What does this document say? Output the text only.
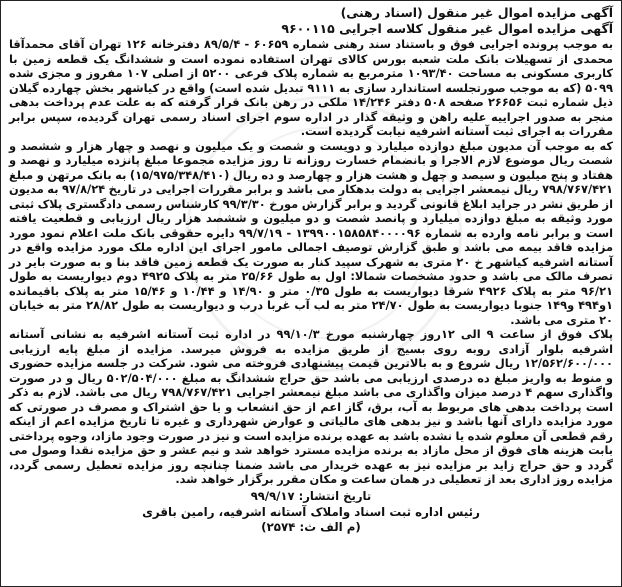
آگهی مزایده اموال غیر منقول (اسناد رهنی)

آگهی مزایده اموال غیر منقول کلاسه اجرایی ۹۶۰۰۱۱۵

به موجب پرونده اجرایی فوق و باستناد سند رهنی شماره ۶۰۶۵۹ - ۸۹/۵/۴ دفترخانه ۱۲۶ تهران آقای محمدآقا محمدی از تسهیلات بانک ملت شعبه بورس کالای تهران استفاده نموده است و ششدانگ یک قطعه زمین با کاربری مسکونی به مساحت ۱۰۹۳/۴۰ مترمربع به شماره پلاک فرعی ۵۲۰۰ از اصلی ۱۰۷ مفروز و مجزی شده ۵۰۹۹ (که به موجب صورتجلسه استاندارد سازی به ۹۱۱۱ تبدیل شده است) واقع در کیاشهر بخش چهارده گیلان ذیل شماره ثبت ۲۶۶۵۶ صفحه ۵۰۸ دفتر ۱۴/۲۴۶ ملکی در رهن بانک قرار گرفته که به علت عدم پرداخت بدهی منجر به صدور اجراییه علیه راهن و وثیقه گذار در اداره سوم اجرای اسناد رسمی تهران گردیده، سپس برابر مقررات به اجرای ثبت آستانه اشرفیه نیابت گردیده است.

که به موجب آن مدیون مبلغ دوازده میلیارد و دویست و شصت و یک میلیون و نهصد و چهار هزار و ششصد و شصت ریال موضوع لازم الاجرا و بانضمام خسارت روزانه تا روز مزایده مجموعا مبلغ پانزده میلیارد و نهصد و هفتاد و پنج میلیون و سیصد و چهل و هشت هزار و چهارصد و ده ریال (۱۵/۹۷۵/۳۴۸/۴۱۰) به بانک مرتهن و مبلغ ۷۹۸/۷۶۷/۴۲۱ ریال نیمعشر اجرایی به دولت بدهکار می باشد و برابر مقررات اجرایی در تاریخ ۹۷/۸/۲۴ به مدیون از طریق نشر در جراید ابلاغ قانونی گردید و برابر گزارش مورخ ۹۹/۳/۳۰ کارشناس رسمی دادگستری پلاک ثبتی مورد وثیقه به مبلغ دوازده میلیارد و پانصد شصت و دو میلیون و ششصد هزار ریال ارزیابی و قطعیت یافته است و برابر نامه وارده به شماره ۱۳۹۹۰۰۱۵۸۵۸۴۰۰۰۰۹۶ - ۹۹/۷/۱۹ دایره حقوقی بانک ملت اعلام نمود مورد مزایده فاقد بیمه می باشد و طبق گزارش توصیف اجمالی مامور اجرای این اداره ملک مورد مزایده واقع در آستانه اشرفیه کیاشهر خ ۲۰ متری به شهرک سپید کنار به صورت یک قطعه زمین فاقد بنا و به صورت بایر در تصرف مالک می باشد و حدود مشخصات شمالا: اول به طول ۲۵/۶۶ متر به پلاک ۴۹۲۵ دوم دیواریست به طول ۹۶/۲۱ متر به پلاک ۴۹۲۶ شرقا دیواریست به طول ۰/۳۵ متر و ۱۴/۹۰ و ۱۰/۴۴ و ۱۵/۴۶ متر به پلاک باقیمانده ۱و۴۹۴ و۱۴۹ جنوبا دیواریست به طول ۲۴/۷۰ متر به لب آب غربا درب و دیواریست به طول ۲۸/۸۲ متر به خیابان ۲۰ متری می باشد.

پلاک فوق از ساعت ۹ الی ۱۲روز چهارشنبه مورخ ۹۹/۱۰/۳ در اداره ثبت آستانه اشرفیه به نشانی آستانه اشرفیه بلوار آزادی روبه روی بسیج از طریق مزایده به فروش میرسد. مزایده از مبلغ پایه ارزیابی ۱۲/۵۶۲/۶۰۰/۰۰۰ ریال شروع و به بالاترین قیمت پیشنهادی فروخته می شود. شرکت در جلسه مزایده حضوری و منوط به واریز مبلغ ده درصدی ارزیابی می باشد حق حراج ششدانگ به مبلغ ۵۰۲/۵۰۴/۰۰۰ ریال و در صورت واگذاری سهم ۴ درصد میزان واگذاری می باشد مبلغ نیمعشر اجرایی ۷۹۸/۷۶۷/۴۲۱ ریال می باشد. لازم به ذکر است پرداخت بدهی های مربوط به آب، برق، گاز اعم از حق انشعاب و یا حق اشتراک و مصرف در صورتی که مورد مزایده دارای آنها باشد و نیز بدهی های مالیاتی و عوارض شهرداری و غیره تا تاریخ مزایده اعم از اینکه رقم قطعی آن معلوم شده یا نشده باشد به عهده برنده مزایده است و نیز در صورت وجود مازاد، وجوه پرداختی بابت هزینه های فوق از محل مازاد به برنده مزایده مسترد خواهد شد و نیم عشر و حق مزایده نقدا وصول می گردد و حق حراج زاید بر مزایده نیز به عهده خریدار می باشد ضمنا چنانچه روز مزایده تعطیل رسمی گردد، مزایده روز اداری بعد از تعطیلی در همان ساعت و مکان مقرر برگزار خواهد شد.

تاریخ انتشار: ۹۹/۹/۱۷

رئیس اداره ثبت اسناد واملاک آستانه اشرفیه، رامین باقری

(م الف ث: ۲۵۷۴)
